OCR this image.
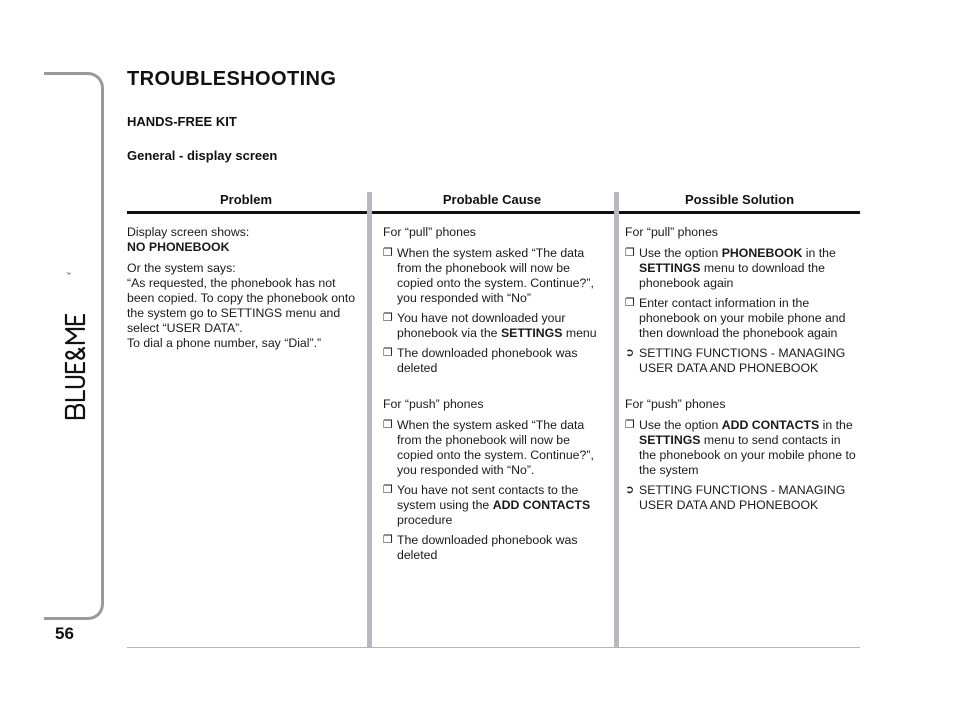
™
56
TROUBLESHOOTING
HANDS-FREE KIT
General - display screen
Problem	Probable Cause	Possible Solution

Display screen shows:
NO PHONEBOOK

Or the system says:
“As requested, the phonebook has not been copied. To copy the phonebook onto the system go to SETTINGS menu and select “USER DATA”.
To dial a phone number, say “Dial”.”

For “pull” phones

❐ When the system asked “The data from the phonebook will now be copied onto the system. Continue?”, you responded with “No”
❐ You have not downloaded your phonebook via the SETTINGS menu
❐ The downloaded phonebook was deleted

For “push” phones

❐ When the system asked “The data from the phonebook will now be copied onto the system. Continue?”, you responded with “No”.
❐ You have not sent contacts to the system using the ADD CONTACTS procedure
❐ The downloaded phonebook was deleted

For “pull” phones

❐ Use the option PHONEBOOK in the SETTINGS menu to download the phonebook again
❐ Enter contact information in the phonebook on your mobile phone and then download the phonebook again
➲ SETTING FUNCTIONS - MANAGING USER DATA AND PHONEBOOK

For “push” phones

❐ Use the option ADD CONTACTS in the SETTINGS menu to send contacts in the phonebook on your mobile phone to the system
➲ SETTING FUNCTIONS - MANAGING USER DATA AND PHONEBOOK
